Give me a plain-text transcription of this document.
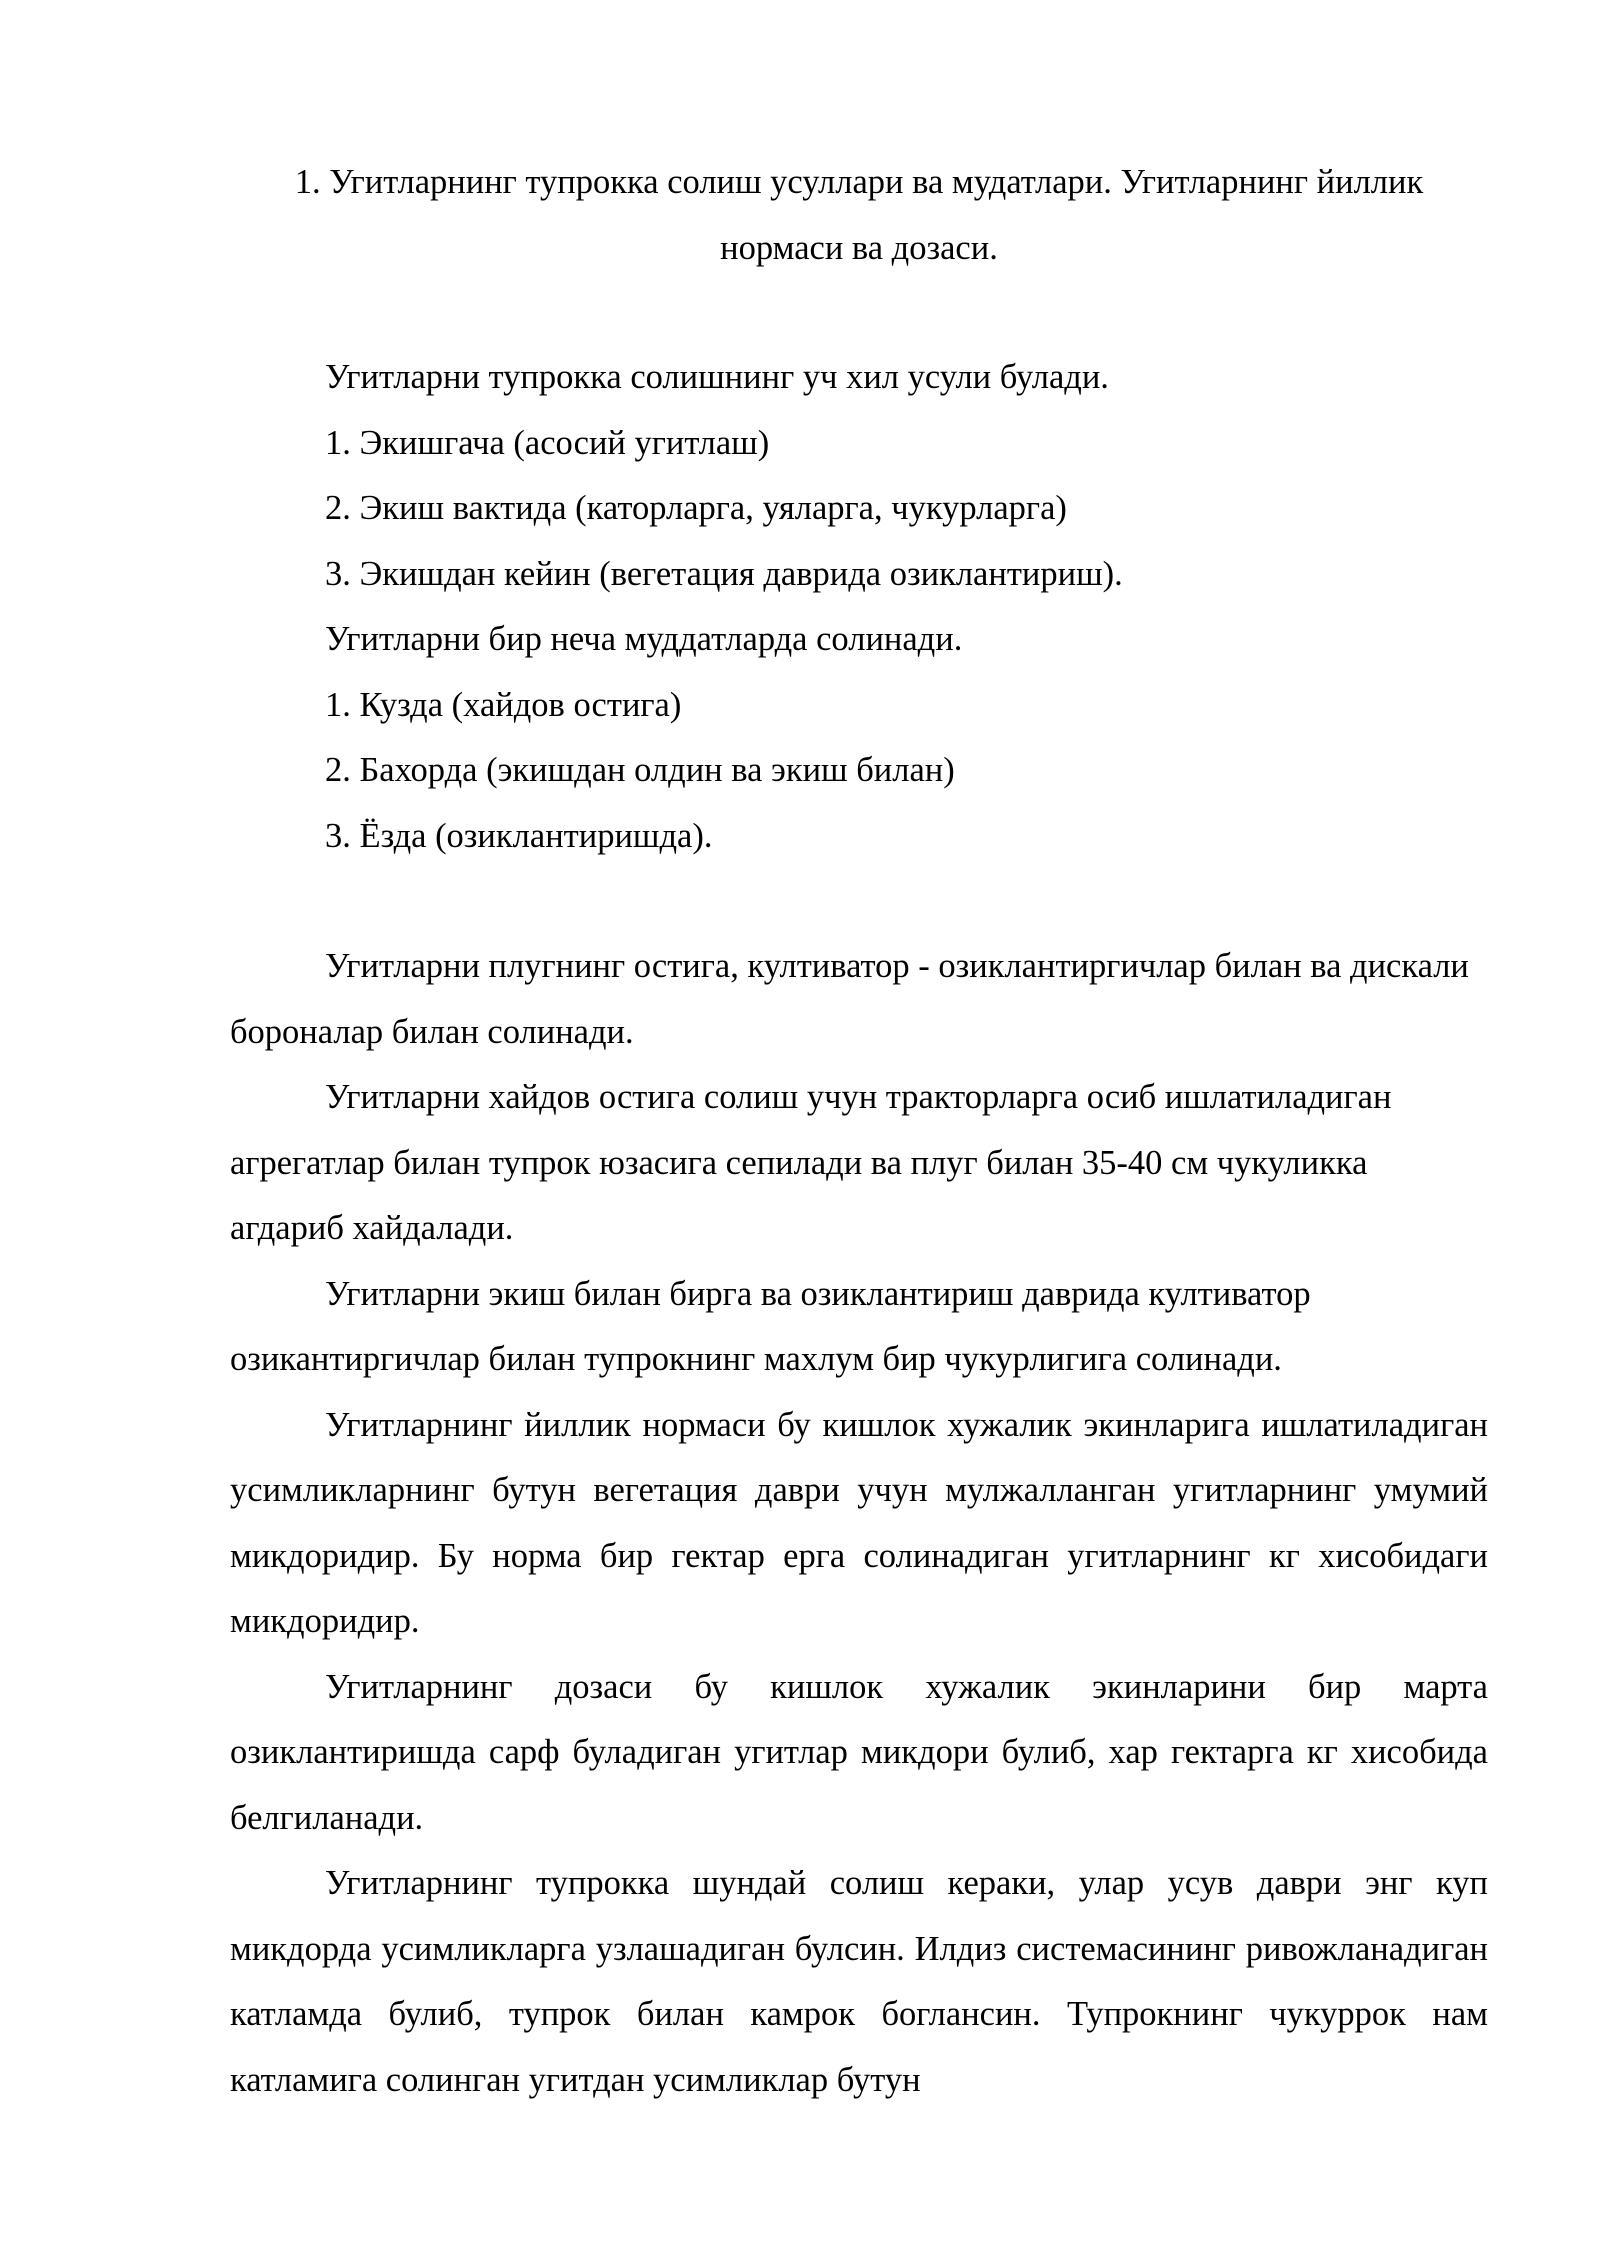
1. Угитларнинг тупрокка солиш усуллари ва мудатлари. Угитларнинг йиллик

нормаси ва дозаси.

Угитларни тупрокка солишнинг уч хил усули булади.

1. Экишгача (асосий угитлаш)

2. Экиш вактида (каторларга, уяларга, чукурларга)

3. Экишдан кейин (вегетация даврида озиклантириш).

Угитларни бир неча муддатларда солинади.

1. Кузда (хайдов остига)

2. Бахорда (экишдан олдин ва экиш билан)

3. Ёзда (озиклантиришда).

Угитларни плугнинг остига, култиватор - озиклантиргичлар билан ва дискали бороналар билан солинади.

Угитларни хайдов остига солиш учун тракторларга осиб ишлатиладиган агрегатлар билан тупрок юзасига сепилади ва плуг билан 35-40 см чукуликка агдариб хайдалади.

Угитларни экиш билан бирга ва озиклантириш даврида култиватор озикантиргичлар билан тупрокнинг махлум бир чукурлигига солинади.

Угитларнинг йиллик нормаси бу кишлок хужалик экинларига ишлатиладиган усимликларнинг бутун вегетация даври учун мулжалланган угитларнинг умумий микдоридир. Бу норма бир гектар ерга солинадиган угитларнинг кг хисобидаги микдоридир.

Угитларнинг дозаси бу кишлок хужалик экинларини бир марта озиклантиришда сарф буладиган угитлар микдори булиб, хар гектарга кг хисобида белгиланади.

Угитларнинг тупрокка шундай солиш кераки, улар усув даври энг куп микдорда усимликларга узлашадиган булсин. Илдиз системасининг ривожланадиган катламда булиб, тупрок билан камрок боглансин. Тупрокнинг чукуррок нам катламига солинган угитдан усимликлар бутун
